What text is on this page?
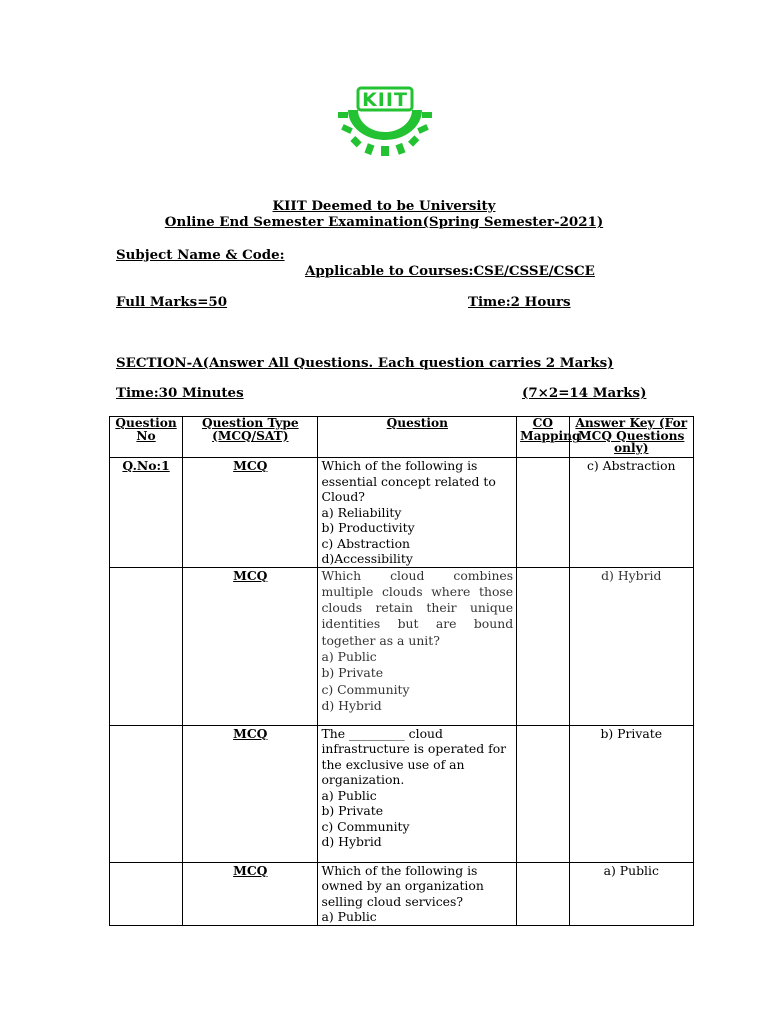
KIIT
KIIT Deemed to be University
Online End Semester Examination(Spring Semester-2021)
Subject Name & Code:
Applicable to Courses:CSE/CSSE/CSCE
Full Marks=50	Time:2 Hours
SECTION-A(Answer All Questions. Each question carries 2 Marks)
Time:30 Minutes	(7×2=14 Marks)
Question No	Question Type (MCQ/SAT)	Question	CO Mapping	Answer Key (For MCQ Questions only)
Q.No:1	MCQ	Which of the following is essential concept related to Cloud?
a) Reliability
b) Productivity
c) Abstraction
d)Accessibility		c) Abstraction
	MCQ	Which cloud combines multiple clouds where those clouds retain their unique identities but are bound together as a unit?
a) Public
b) Private
c) Community
d) Hybrid		d) Hybrid
	MCQ	The _________ cloud infrastructure is operated for the exclusive use of an organization.
a) Public
b) Private
c) Community
d) Hybrid		b) Private
	MCQ	Which of the following is owned by an organization selling cloud services?
a) Public		a) Public
